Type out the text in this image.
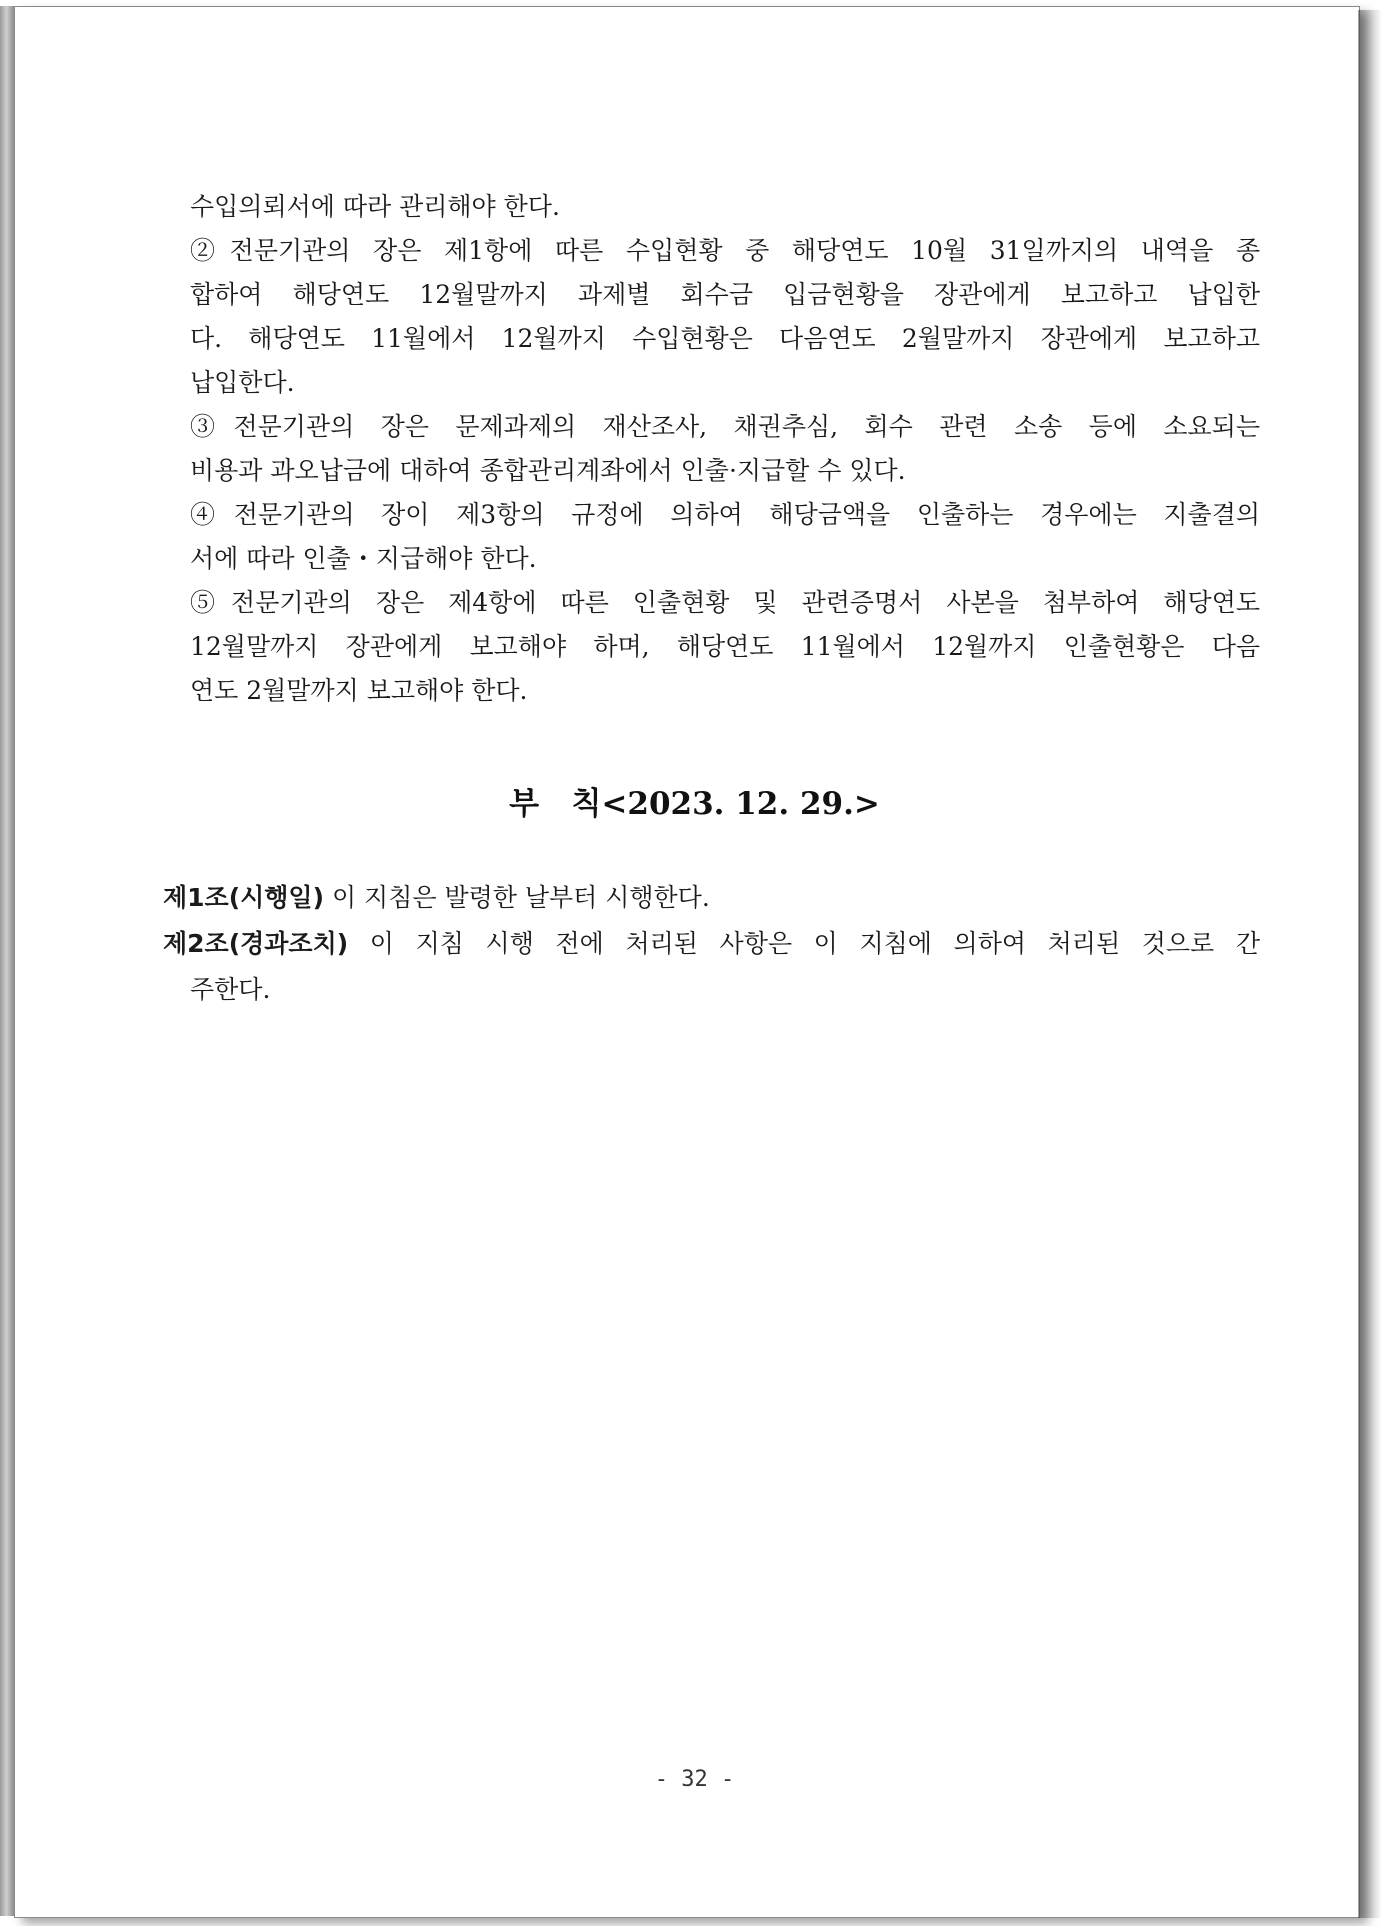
수입의뢰서에 따라 관리해야 한다.
②전문기관의 장은 제1항에 따른 수입현황 중 해당연도 10월 31일까지의 내역을 종
합하여 해당연도 12월말까지 과제별 회수금 입금현황을 장관에게 보고하고 납입한
다. 해당연도 11월에서 12월까지 수입현황은 다음연도 2월말까지 장관에게 보고하고
납입한다.
③전문기관의 장은 문제과제의 재산조사, 채권추심, 회수 관련 소송 등에 소요되는
비용과 과오납금에 대하여 종합관리계좌에서 인출·지급할 수 있다.
④전문기관의 장이 제3항의 규정에 의하여 해당금액을 인출하는 경우에는 지출결의
서에 따라 인출・지급해야 한다.
⑤전문기관의 장은 제4항에 따른 인출현황 및 관련증명서 사본을 첨부하여 해당연도
12월말까지 장관에게 보고해야 하며, 해당연도 11월에서 12월까지 인출현황은 다음
연도 2월말까지 보고해야 한다.
부   칙<2023. 12. 29.>
제1조(시행일) 이 지침은 발령한 날부터 시행한다.
제2조(경과조치) 이 지침 시행 전에 처리된 사항은 이 지침에 의하여 처리된 것으로 간
주한다.
- 32 -
